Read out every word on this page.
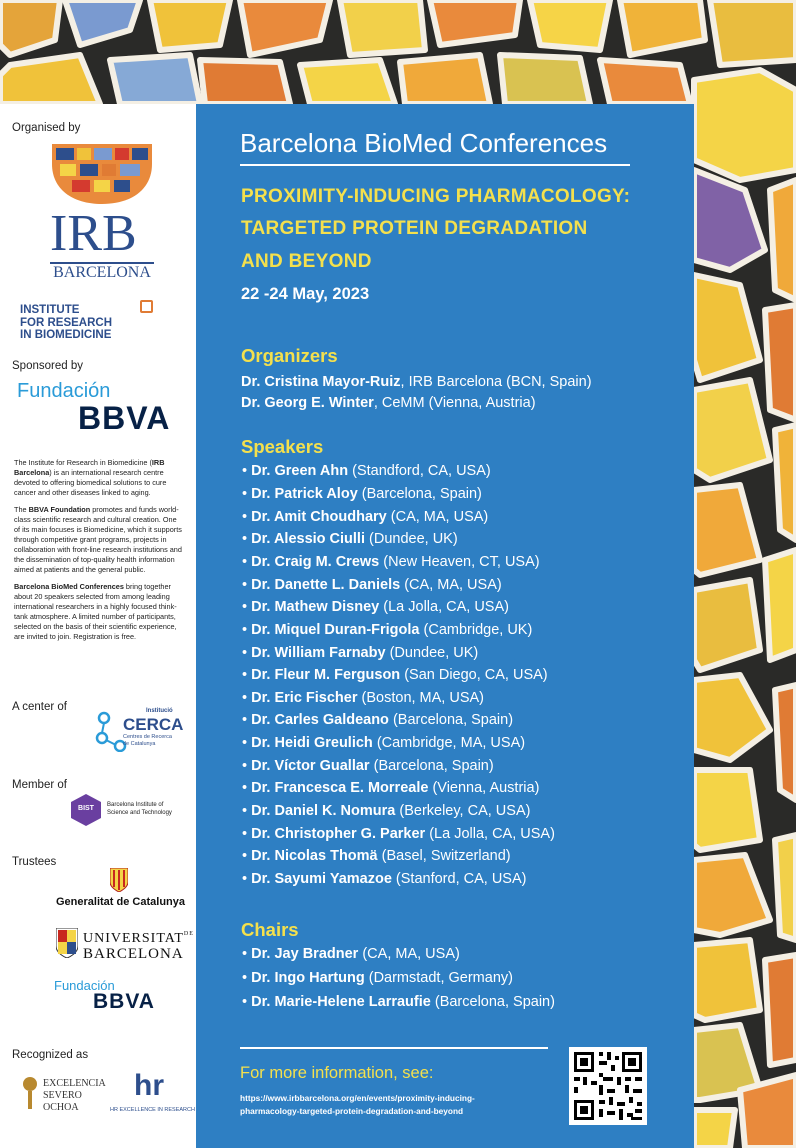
Organised by
IRB
BARCELONA
INSTITUTE
FOR RESEARCH
IN BIOMEDICINE
Sponsored by
Fundación
BBVA

The Institute for Research in Biomedicine (IRB Barcelona) is an international research centre devoted to offering biomedical solutions to cure cancer and other diseases linked to aging.

The BBVA Foundation promotes and funds world-class scientific research and cultural creation. One of its main focuses is Biomedicine, which it supports through competitive grant programs, projects in collaboration with front-line research institutions and the dissemination of top-quality health information aimed at patients and the general public.

Barcelona BioMed Conferences bring together about 20 speakers selected from among leading international researchers in a highly focused think-tank atmosphere. A limited number of participants, selected on the basis of their scientific experience, are invited to join. Registration is free.

A center of	Institució
CERCA
Centres de Recerca
de Catalunya
Member of
BIST	Barcelona Institute of
Science and Technology
Trustees
Generalitat de Catalunya
$UNIVERSITAT^{DE}$
BARCELONA
Fundación
BBVA
Recognized as
EXCELENCIA
SEVERO
OCHOA
hr
HR EXCELLENCE IN RESEARCH
Barcelona BioMed Conferences
PROXIMITY-INDUCING PHARMACOLOGY:
TARGETED PROTEIN DEGRADATION
AND BEYOND
22 -24 May, 2023
Organizers
Dr. Cristina Mayor-Ruiz, IRB Barcelona (BCN, Spain)
Dr. Georg E. Winter, CeMM (Vienna, Austria)
Speakers
• Dr. Green Ahn (Standford, CA, USA)
• Dr. Patrick Aloy (Barcelona, Spain)
• Dr. Amit Choudhary (CA, MA, USA)
• Dr. Alessio Ciulli (Dundee, UK)
• Dr. Craig M. Crews (New Heaven, CT, USA)
• Dr. Danette L. Daniels (CA, MA, USA)
• Dr. Mathew Disney (La Jolla, CA, USA)
• Dr. Miquel Duran-Frigola (Cambridge, UK)
• Dr. William Farnaby (Dundee, UK)
• Dr. Fleur M. Ferguson (San Diego, CA, USA)
• Dr. Eric Fischer (Boston, MA, USA)
• Dr. Carles Galdeano (Barcelona, Spain)
• Dr. Heidi Greulich (Cambridge, MA, USA)
• Dr. Víctor Guallar (Barcelona, Spain)
• Dr. Francesca E. Morreale (Vienna, Austria)
• Dr. Daniel K. Nomura (Berkeley, CA, USA)
• Dr. Christopher G. Parker (La Jolla, CA, USA)
• Dr. Nicolas Thomä (Basel, Switzerland)
• Dr. Sayumi Yamazoe (Stanford, CA, USA)
Chairs
• Dr. Jay Bradner (CA, MA, USA)
• Dr. Ingo Hartung (Darmstadt, Germany)
• Dr. Marie-Helene Larraufie (Barcelona, Spain)
For more information, see:
https://www.irbbarcelona.org/en/events/proximity-inducing-
pharmacology-targeted-protein-degradation-and-beyond
